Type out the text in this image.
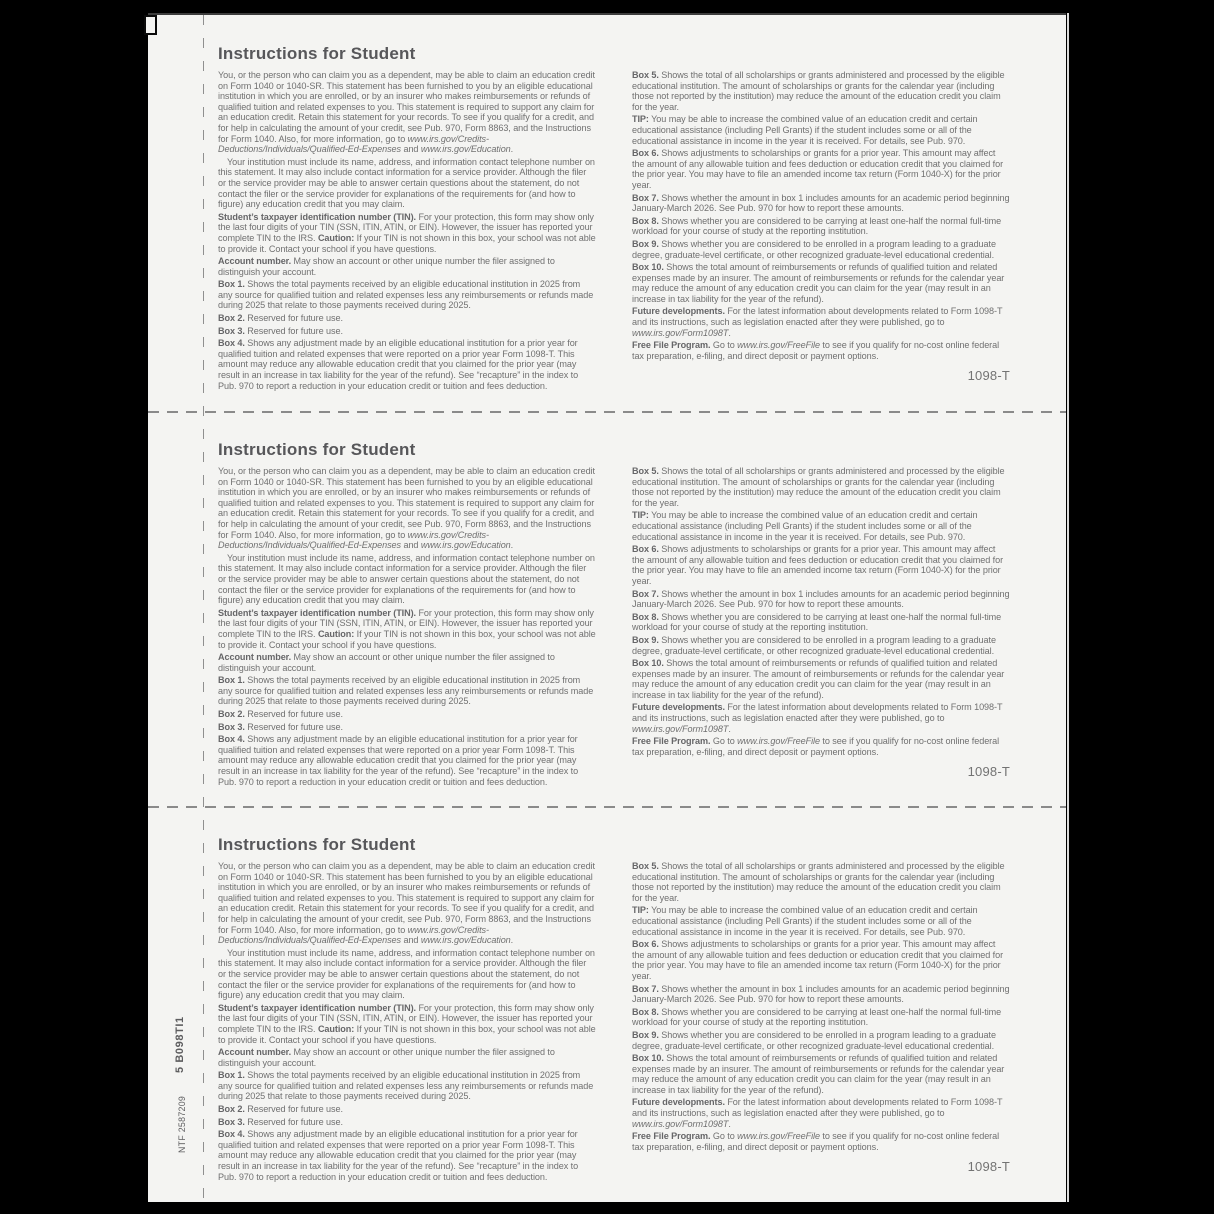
Instructions for Student
You, or the person who can claim you as a dependent, may be able to claim an education credit on Form 1040 or 1040-SR. This statement has been furnished to you by an eligible educational institution in which you are enrolled, or by an insurer who makes reimbursements or refunds of qualified tuition and related expenses to you. This statement is required to support any claim for an education credit. Retain this statement for your records. To see if you qualify for a credit, and for help in calculating the amount of your credit, see Pub. 970, Form 8863, and the Instructions for Form 1040. Also, for more information, go to www.irs.gov/Credits-Deductions/Individuals/Qualified-Ed-Expenses and www.irs.gov/Education.
Your institution must include its name, address, and information contact telephone number on this statement. It may also include contact information for a service provider. Although the filer or the service provider may be able to answer certain questions about the statement, do not contact the filer or the service provider for explanations of the requirements for (and how to figure) any education credit that you may claim.
Student’s taxpayer identification number (TIN). For your protection, this form may show only the last four digits of your TIN (SSN, ITIN, ATIN, or EIN). However, the issuer has reported your complete TIN to the IRS. Caution: If your TIN is not shown in this box, your school was not able to provide it. Contact your school if you have questions.
Account number. May show an account or other unique number the filer assigned to distinguish your account.
Box 1. Shows the total payments received by an eligible educational institution in 2025 from any source for qualified tuition and related expenses less any reimbursements or refunds made during 2025 that relate to those payments received during 2025.
Box 2. Reserved for future use.
Box 3. Reserved for future use.
Box 4. Shows any adjustment made by an eligible educational institution for a prior year for qualified tuition and related expenses that were reported on a prior year Form 1098-T. This amount may reduce any allowable education credit that you claimed for the prior year (may result in an increase in tax liability for the year of the refund). See “recapture” in the index to Pub. 970 to report a reduction in your education credit or tuition and fees deduction.
Box 5. Shows the total of all scholarships or grants administered and processed by the eligible educational institution. The amount of scholarships or grants for the calendar year (including those not reported by the institution) may reduce the amount of the education credit you claim for the year.
TIP: You may be able to increase the combined value of an education credit and certain educational assistance (including Pell Grants) if the student includes some or all of the educational assistance in income in the year it is received. For details, see Pub. 970.
Box 6. Shows adjustments to scholarships or grants for a prior year. This amount may affect the amount of any allowable tuition and fees deduction or education credit that you claimed for the prior year. You may have to file an amended income tax return (Form 1040-X) for the prior year.
Box 7. Shows whether the amount in box 1 includes amounts for an academic period beginning January-March 2026. See Pub. 970 for how to report these amounts.
Box 8. Shows whether you are considered to be carrying at least one-half the normal full-time workload for your course of study at the reporting institution.
Box 9. Shows whether you are considered to be enrolled in a program leading to a graduate degree, graduate-level certificate, or other recognized graduate-level educational credential.
Box 10. Shows the total amount of reimbursements or refunds of qualified tuition and related expenses made by an insurer. The amount of reimbursements or refunds for the calendar year may reduce the amount of any education credit you can claim for the year (may result in an increase in tax liability for the year of the refund).
Future developments. For the latest information about developments related to Form 1098-T and its instructions, such as legislation enacted after they were published, go to www.irs.gov/Form1098T.
Free File Program. Go to www.irs.gov/FreeFile to see if you qualify for no-cost online federal tax preparation, e-filing, and direct deposit or payment options.
1098-T
Instructions for Student
You, or the person who can claim you as a dependent, may be able to claim an education credit on Form 1040 or 1040-SR. This statement has been furnished to you by an eligible educational institution in which you are enrolled, or by an insurer who makes reimbursements or refunds of qualified tuition and related expenses to you. This statement is required to support any claim for an education credit. Retain this statement for your records. To see if you qualify for a credit, and for help in calculating the amount of your credit, see Pub. 970, Form 8863, and the Instructions for Form 1040. Also, for more information, go to www.irs.gov/Credits-Deductions/Individuals/Qualified-Ed-Expenses and www.irs.gov/Education.
Your institution must include its name, address, and information contact telephone number on this statement. It may also include contact information for a service provider. Although the filer or the service provider may be able to answer certain questions about the statement, do not contact the filer or the service provider for explanations of the requirements for (and how to figure) any education credit that you may claim.
Student’s taxpayer identification number (TIN). For your protection, this form may show only the last four digits of your TIN (SSN, ITIN, ATIN, or EIN). However, the issuer has reported your complete TIN to the IRS. Caution: If your TIN is not shown in this box, your school was not able to provide it. Contact your school if you have questions.
Account number. May show an account or other unique number the filer assigned to distinguish your account.
Box 1. Shows the total payments received by an eligible educational institution in 2025 from any source for qualified tuition and related expenses less any reimbursements or refunds made during 2025 that relate to those payments received during 2025.
Box 2. Reserved for future use.
Box 3. Reserved for future use.
Box 4. Shows any adjustment made by an eligible educational institution for a prior year for qualified tuition and related expenses that were reported on a prior year Form 1098-T. This amount may reduce any allowable education credit that you claimed for the prior year (may result in an increase in tax liability for the year of the refund). See “recapture” in the index to Pub. 970 to report a reduction in your education credit or tuition and fees deduction.
Box 5. Shows the total of all scholarships or grants administered and processed by the eligible educational institution. The amount of scholarships or grants for the calendar year (including those not reported by the institution) may reduce the amount of the education credit you claim for the year.
TIP: You may be able to increase the combined value of an education credit and certain educational assistance (including Pell Grants) if the student includes some or all of the educational assistance in income in the year it is received. For details, see Pub. 970.
Box 6. Shows adjustments to scholarships or grants for a prior year. This amount may affect the amount of any allowable tuition and fees deduction or education credit that you claimed for the prior year. You may have to file an amended income tax return (Form 1040-X) for the prior year.
Box 7. Shows whether the amount in box 1 includes amounts for an academic period beginning January-March 2026. See Pub. 970 for how to report these amounts.
Box 8. Shows whether you are considered to be carrying at least one-half the normal full-time workload for your course of study at the reporting institution.
Box 9. Shows whether you are considered to be enrolled in a program leading to a graduate degree, graduate-level certificate, or other recognized graduate-level educational credential.
Box 10. Shows the total amount of reimbursements or refunds of qualified tuition and related expenses made by an insurer. The amount of reimbursements or refunds for the calendar year may reduce the amount of any education credit you can claim for the year (may result in an increase in tax liability for the year of the refund).
Future developments. For the latest information about developments related to Form 1098-T and its instructions, such as legislation enacted after they were published, go to www.irs.gov/Form1098T.
Free File Program. Go to www.irs.gov/FreeFile to see if you qualify for no-cost online federal tax preparation, e-filing, and direct deposit or payment options.
1098-T
Instructions for Student
You, or the person who can claim you as a dependent, may be able to claim an education credit on Form 1040 or 1040-SR. This statement has been furnished to you by an eligible educational institution in which you are enrolled, or by an insurer who makes reimbursements or refunds of qualified tuition and related expenses to you. This statement is required to support any claim for an education credit. Retain this statement for your records. To see if you qualify for a credit, and for help in calculating the amount of your credit, see Pub. 970, Form 8863, and the Instructions for Form 1040. Also, for more information, go to www.irs.gov/Credits-Deductions/Individuals/Qualified-Ed-Expenses and www.irs.gov/Education.
Your institution must include its name, address, and information contact telephone number on this statement. It may also include contact information for a service provider. Although the filer or the service provider may be able to answer certain questions about the statement, do not contact the filer or the service provider for explanations of the requirements for (and how to figure) any education credit that you may claim.
Student’s taxpayer identification number (TIN). For your protection, this form may show only the last four digits of your TIN (SSN, ITIN, ATIN, or EIN). However, the issuer has reported your complete TIN to the IRS. Caution: If your TIN is not shown in this box, your school was not able to provide it. Contact your school if you have questions.
Account number. May show an account or other unique number the filer assigned to distinguish your account.
Box 1. Shows the total payments received by an eligible educational institution in 2025 from any source for qualified tuition and related expenses less any reimbursements or refunds made during 2025 that relate to those payments received during 2025.
Box 2. Reserved for future use.
Box 3. Reserved for future use.
Box 4. Shows any adjustment made by an eligible educational institution for a prior year for qualified tuition and related expenses that were reported on a prior year Form 1098-T. This amount may reduce any allowable education credit that you claimed for the prior year (may result in an increase in tax liability for the year of the refund). See “recapture” in the index to Pub. 970 to report a reduction in your education credit or tuition and fees deduction.
Box 5. Shows the total of all scholarships or grants administered and processed by the eligible educational institution. The amount of scholarships or grants for the calendar year (including those not reported by the institution) may reduce the amount of the education credit you claim for the year.
TIP: You may be able to increase the combined value of an education credit and certain educational assistance (including Pell Grants) if the student includes some or all of the educational assistance in income in the year it is received. For details, see Pub. 970.
Box 6. Shows adjustments to scholarships or grants for a prior year. This amount may affect the amount of any allowable tuition and fees deduction or education credit that you claimed for the prior year. You may have to file an amended income tax return (Form 1040-X) for the prior year.
Box 7. Shows whether the amount in box 1 includes amounts for an academic period beginning January-March 2026. See Pub. 970 for how to report these amounts.
Box 8. Shows whether you are considered to be carrying at least one-half the normal full-time workload for your course of study at the reporting institution.
Box 9. Shows whether you are considered to be enrolled in a program leading to a graduate degree, graduate-level certificate, or other recognized graduate-level educational credential.
Box 10. Shows the total amount of reimbursements or refunds of qualified tuition and related expenses made by an insurer. The amount of reimbursements or refunds for the calendar year may reduce the amount of any education credit you can claim for the year (may result in an increase in tax liability for the year of the refund).
Future developments. For the latest information about developments related to Form 1098-T and its instructions, such as legislation enacted after they were published, go to www.irs.gov/Form1098T.
Free File Program. Go to www.irs.gov/FreeFile to see if you qualify for no-cost online federal tax preparation, e-filing, and direct deposit or payment options.
1098-T
5 B098TI1
NTF 2587209
